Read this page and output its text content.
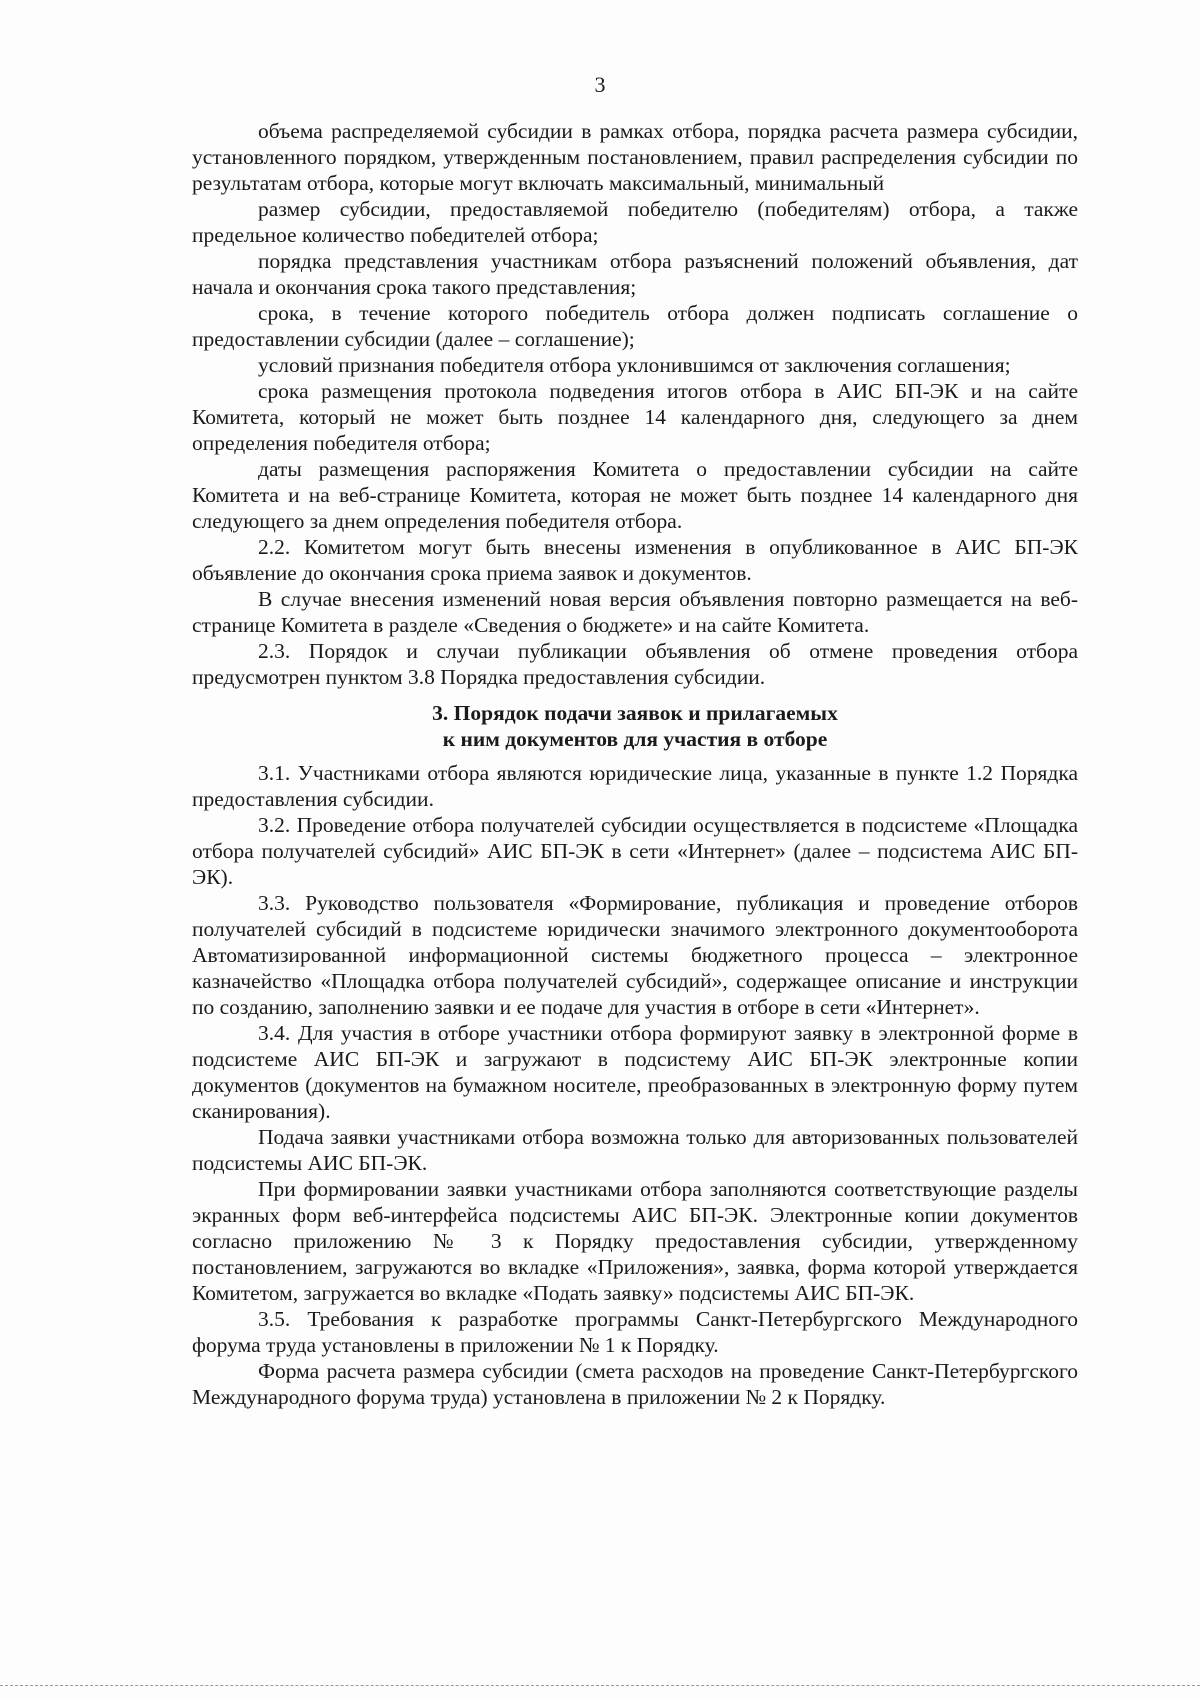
3

объема распределяемой субсидии в рамках отбора, порядка расчета размера субсидии, установленного порядком, утвержденным постановлением, правил распределения субсидии по результатам отбора, которые могут включать максимальный, минимальный

размер субсидии, предоставляемой победителю (победителям) отбора, а также предельное количество победителей отбора;

порядка представления участникам отбора разъяснений положений объявления, дат начала и окончания срока такого представления;

срока, в течение которого победитель отбора должен подписать соглашение о предоставлении субсидии (далее – соглашение);

условий признания победителя отбора уклонившимся от заключения соглашения;

срока размещения протокола подведения итогов отбора в АИС БП-ЭК и на сайте Комитета, который не может быть позднее 14 календарного дня, следующего за днем определения победителя отбора;

даты размещения распоряжения Комитета о предоставлении субсидии на сайте Комитета и на веб-странице Комитета, которая не может быть позднее 14 календарного дня следующего за днем определения победителя отбора.

2.2. Комитетом могут быть внесены изменения в опубликованное в АИС БП-ЭК объявление до окончания срока приема заявок и документов.

В случае внесения изменений новая версия объявления повторно размещается на веб-странице Комитета в разделе «Сведения о бюджете» и на сайте Комитета.

2.3. Порядок и случаи публикации объявления об отмене проведения отбора предусмотрен пунктом 3.8 Порядка предоставления субсидии.

3. Порядок подачи заявок и прилагаемых
к ним документов для участия в отборе

3.1. Участниками отбора являются юридические лица, указанные в пункте 1.2 Порядка предоставления субсидии.

3.2. Проведение отбора получателей субсидии осуществляется в подсистеме «Площадка отбора получателей субсидий» АИС БП-ЭК в сети «Интернет» (далее – подсистема АИС БП-ЭК).

3.3. Руководство пользователя «Формирование, публикация и проведение отборов получателей субсидий в подсистеме юридически значимого электронного документооборота Автоматизированной информационной системы бюджетного процесса – электронное казначейство «Площадка отбора получателей субсидий», содержащее описание и инструкции по созданию, заполнению заявки и ее подаче для участия в отборе в сети «Интернет».

3.4. Для участия в отборе участники отбора формируют заявку в электронной форме в подсистеме АИС БП-ЭК и загружают в подсистему АИС БП-ЭК электронные копии документов (документов на бумажном носителе, преобразованных в электронную форму путем сканирования).

Подача заявки участниками отбора возможна только для авторизованных пользователей подсистемы АИС БП-ЭК.

При формировании заявки участниками отбора заполняются соответствующие разделы экранных форм веб-интерфейса подсистемы АИС БП-ЭК. Электронные копии документов согласно приложению № 3 к Порядку предоставления субсидии, утвержденному постановлением, загружаются во вкладке «Приложения», заявка, форма которой утверждается Комитетом, загружается во вкладке «Подать заявку» подсистемы АИС БП-ЭК.

3.5. Требования к разработке программы Санкт-Петербургского Международного форума труда установлены в приложении № 1 к Порядку.

Форма расчета размера субсидии (смета расходов на проведение Санкт-Петербургского Международного форума труда) установлена в приложении № 2 к Порядку.
